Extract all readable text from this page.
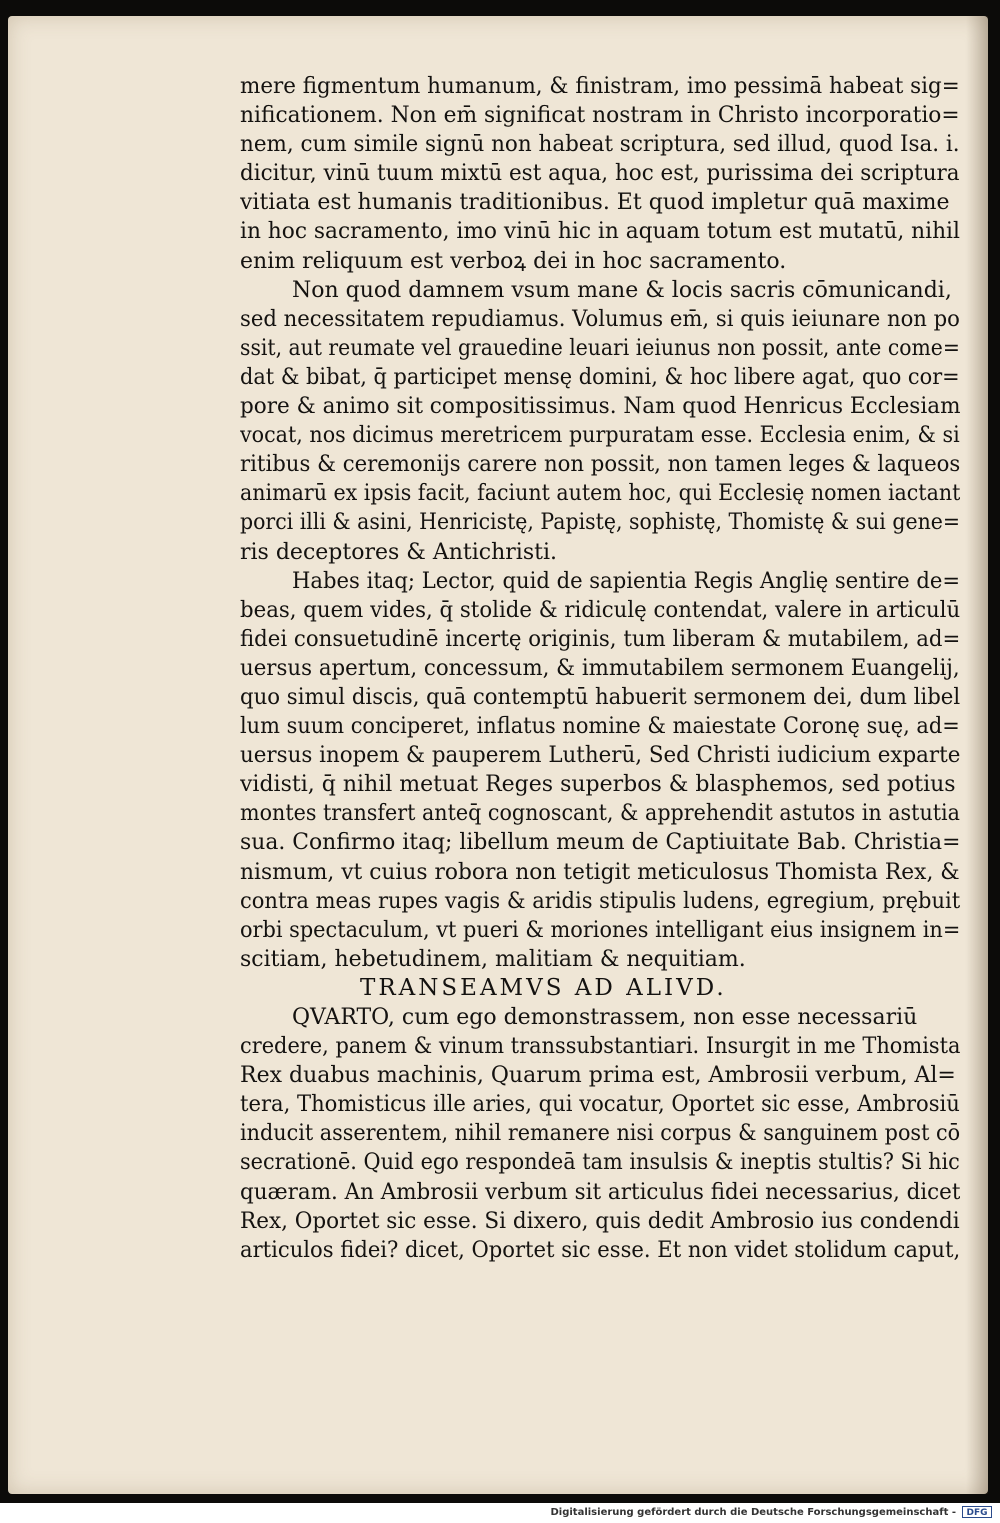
mere figmentum humanum, & finistram, imo pessimā habeat sig=
nificationem. Non em̄ significat nostram in Christo incorporatio=
nem, cum simile signū non habeat scriptura, sed illud, quod Isa. i.
dicitur, vinū tuum mixtū est aqua, hoc est, purissima dei scriptura
vitiata est humanis traditionibus. Et quod impletur quā maxime
in hoc sacramento, imo vinū hic in aquam totum est mutatū, nihil
enim reliquum est verboꝝ dei in hoc sacramento.
Non quod damnem vsum mane & locis sacris cōmunicandi,
sed necessitatem repudiamus. Volumus em̄, si quis ieiunare non po
ssit, aut reumate vel grauedine leuari ieiunus non possit, ante come=
dat & bibat, q̄ participet mensę domini, & hoc libere agat, quo cor=
pore & animo sit compositissimus. Nam quod Henricus Ecclesiam
vocat, nos dicimus meretricem purpuratam esse. Ecclesia enim, & si
ritibus & ceremonijs carere non possit, non tamen leges & laqueos
animarū ex ipsis facit, faciunt autem hoc, qui Ecclesię nomen iactant
porci illi & asini, Henricistę, Papistę, sophistę, Thomistę & sui gene=
ris deceptores & Antichristi.
Habes itaq; Lector, quid de sapientia Regis Anglię sentire de=
beas, quem vides, q̄ stolide & ridiculę contendat, valere in articulū
fidei consuetudinē incertę originis, tum liberam & mutabilem, ad=
uersus apertum, concessum, & immutabilem sermonem Euangelij,
quo simul discis, quā contemptū habuerit sermonem dei, dum libel
lum suum conciperet, inflatus nomine & maiestate Coronę suę, ad=
uersus inopem & pauperem Lutherū, Sed Christi iudicium exparte
vidisti, q̄ nihil metuat Reges superbos & blasphemos, sed potius
montes transfert anteq̄ cognoscant, & apprehendit astutos in astutia
sua. Confirmo itaq; libellum meum de Captiuitate Bab. Christia=
nismum, vt cuius robora non tetigit meticulosus Thomista Rex, &
contra meas rupes vagis & aridis stipulis ludens, egregium, prębuit
orbi spectaculum, vt pueri & moriones intelligant eius insignem in=
scitiam, hebetudinem, malitiam & nequitiam.
TRANSEAMVS AD ALIVD.
QVARTO, cum ego demonstrassem, non esse necessariū
credere, panem & vinum transsubstantiari. Insurgit in me Thomista
Rex duabus machinis, Quarum prima est, Ambrosii verbum, Al=
tera, Thomisticus ille aries, qui vocatur, Oportet sic esse, Ambrosiū
inducit asserentem, nihil remanere nisi corpus & sanguinem post cō
secrationē. Quid ego respondeā tam insulsis & ineptis stultis? Si hic
quæram. An Ambrosii verbum sit articulus fidei necessarius, dicet
Rex, Oportet sic esse. Si dixero, quis dedit Ambrosio ius condendi
articulos fidei? dicet, Oportet sic esse. Et non videt stolidum caput,
Digitalisierung gefördert durch die Deutsche Forschungsgemeinschaft -	DFG
